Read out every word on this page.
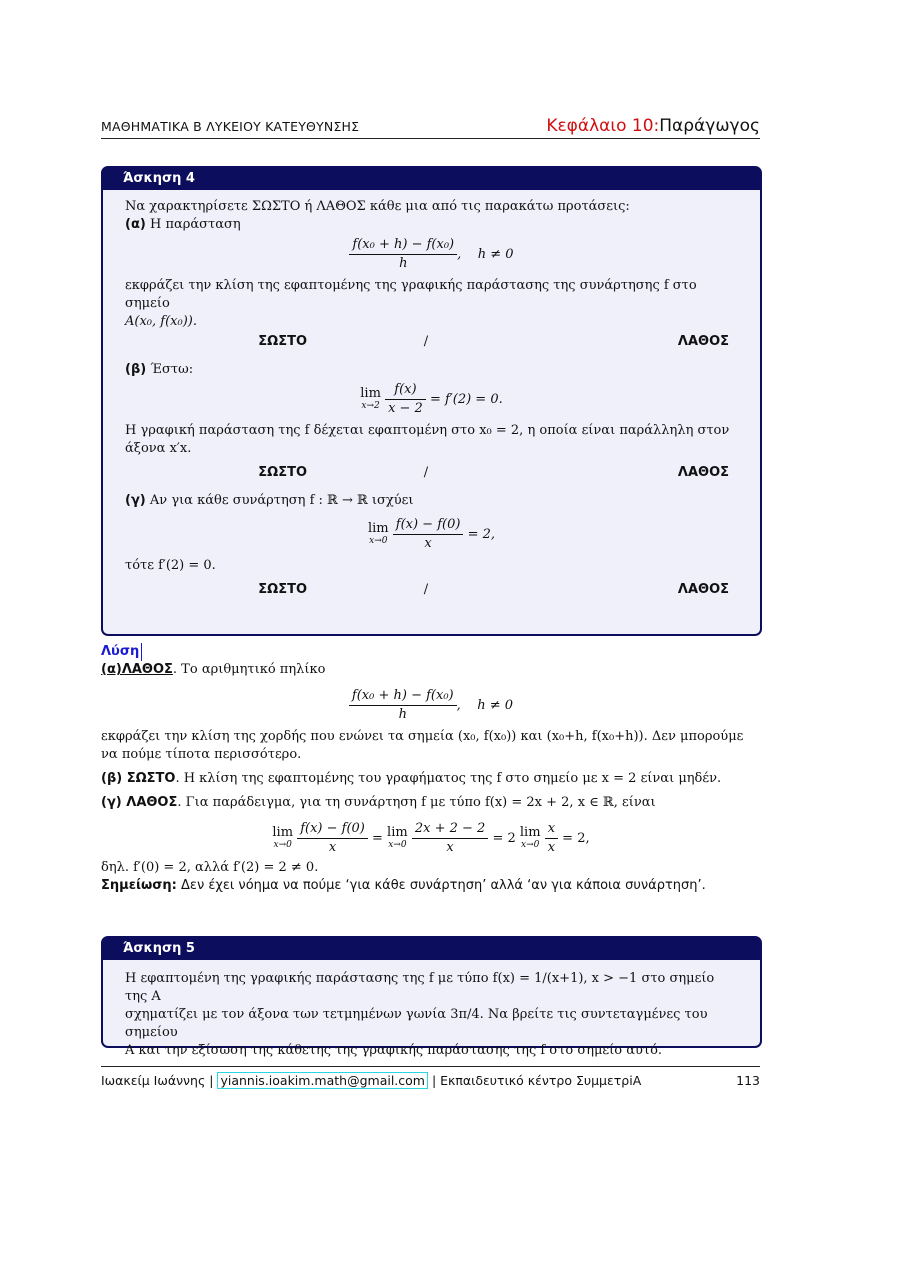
ΜΑΘΗΜΑΤΙΚΑ Β ΛΥΚΕΙΟΥ ΚΑΤΕΥΘΥΝΣΗΣ	Κεφάλαιο 10:Παράγωγος
Άσκηση 4

Να χαρακτηρίσετε ΣΩΣΤΟ ή ΛΑΘΟΣ κάθε μια από τις παρακάτω προτάσεις:

(α) Η παράσταση

$\frac{\text{f(x₀ + h) − f(x₀)}}{h}$ ,    h ≠ 0

εκφράζει την κλίση της εφαπτομένης της γραφικής παράστασης της συνάρτησης f στο σημείο

A(x₀, f(x₀)).

ΣΩΣΤΟ	/	ΛΑΘΟΣ

(β) Έστω:

lim
x→2
$\frac{f(x)}{x - 2} = f'(2) = 0$.

Η γραφική παράσταση της f δέχεται εφαπτομένη στο x₀ = 2, η οποία είναι παράλληλη στον

άξονα x′x.

ΣΩΣΤΟ	/	ΛΑΘΟΣ

(γ) Αν για κάθε συνάρτηση f : ℝ → ℝ ισχύει

lim
x→0
$\frac{f(x) - f(0)}{x} = 2$,

τότε f′(2) = 0.

ΣΩΣΤΟ	/	ΛΑΘΟΣ
Λύση

(α)ΛΑΘΟΣ. Το αριθμητικό πηλίκο

$\frac{\text{f(x₀ + h) − f(x₀)}}{h}$ ,    h ≠ 0

εκφράζει την κλίση της χορδής που ενώνει τα σημεία (x₀, f(x₀)) και (x₀+h, f(x₀+h)). Δεν μπορούμε

να πούμε τίποτα περισσότερο.

(β) ΣΩΣΤΟ. Η κλίση της εφαπτομένης του γραφήματος της f στο σημείο με x = 2 είναι μηδέν.

(γ) ΛΑΘΟΣ. Για παράδειγμα, για τη συνάρτηση f με τύπο f(x) = 2x + 2, x ∈ ℝ, είναι

lim
x→0
$\frac{f(x) - f(0)}{x} = \lim$
x→0
$\frac{2x + 2 - 2}{x} = 2$ lim
x→0
$\frac{x}{x} = 2$,

δηλ. f′(0) = 2, αλλά f′(2) = 2 ≠ 0.

Σημείωση: Δεν έχει νόημα να πούμε ‘για κάθε συνάρτηση’ αλλά ‘αν για κάποια συνάρτηση’.

Άσκηση 5

Η εφαπτομένη της γραφικής παράστασης της f με τύπο f(x) = 1/(x+1), x > −1 στο σημείο της A

σχηματίζει με τον άξονα των τετμημένων γωνία 3π/4. Να βρείτε τις συντεταγμένες του σημείου

A και την εξίσωση της κάθετης της γραφικής παράστασης της f στο σημείο αυτό.

Ιωακείμ Ιωάννης | yiannis.ioakim.math@gmail.com | Εκπαιδευτικό κέντρο ΣυμμετρiΑ	113
